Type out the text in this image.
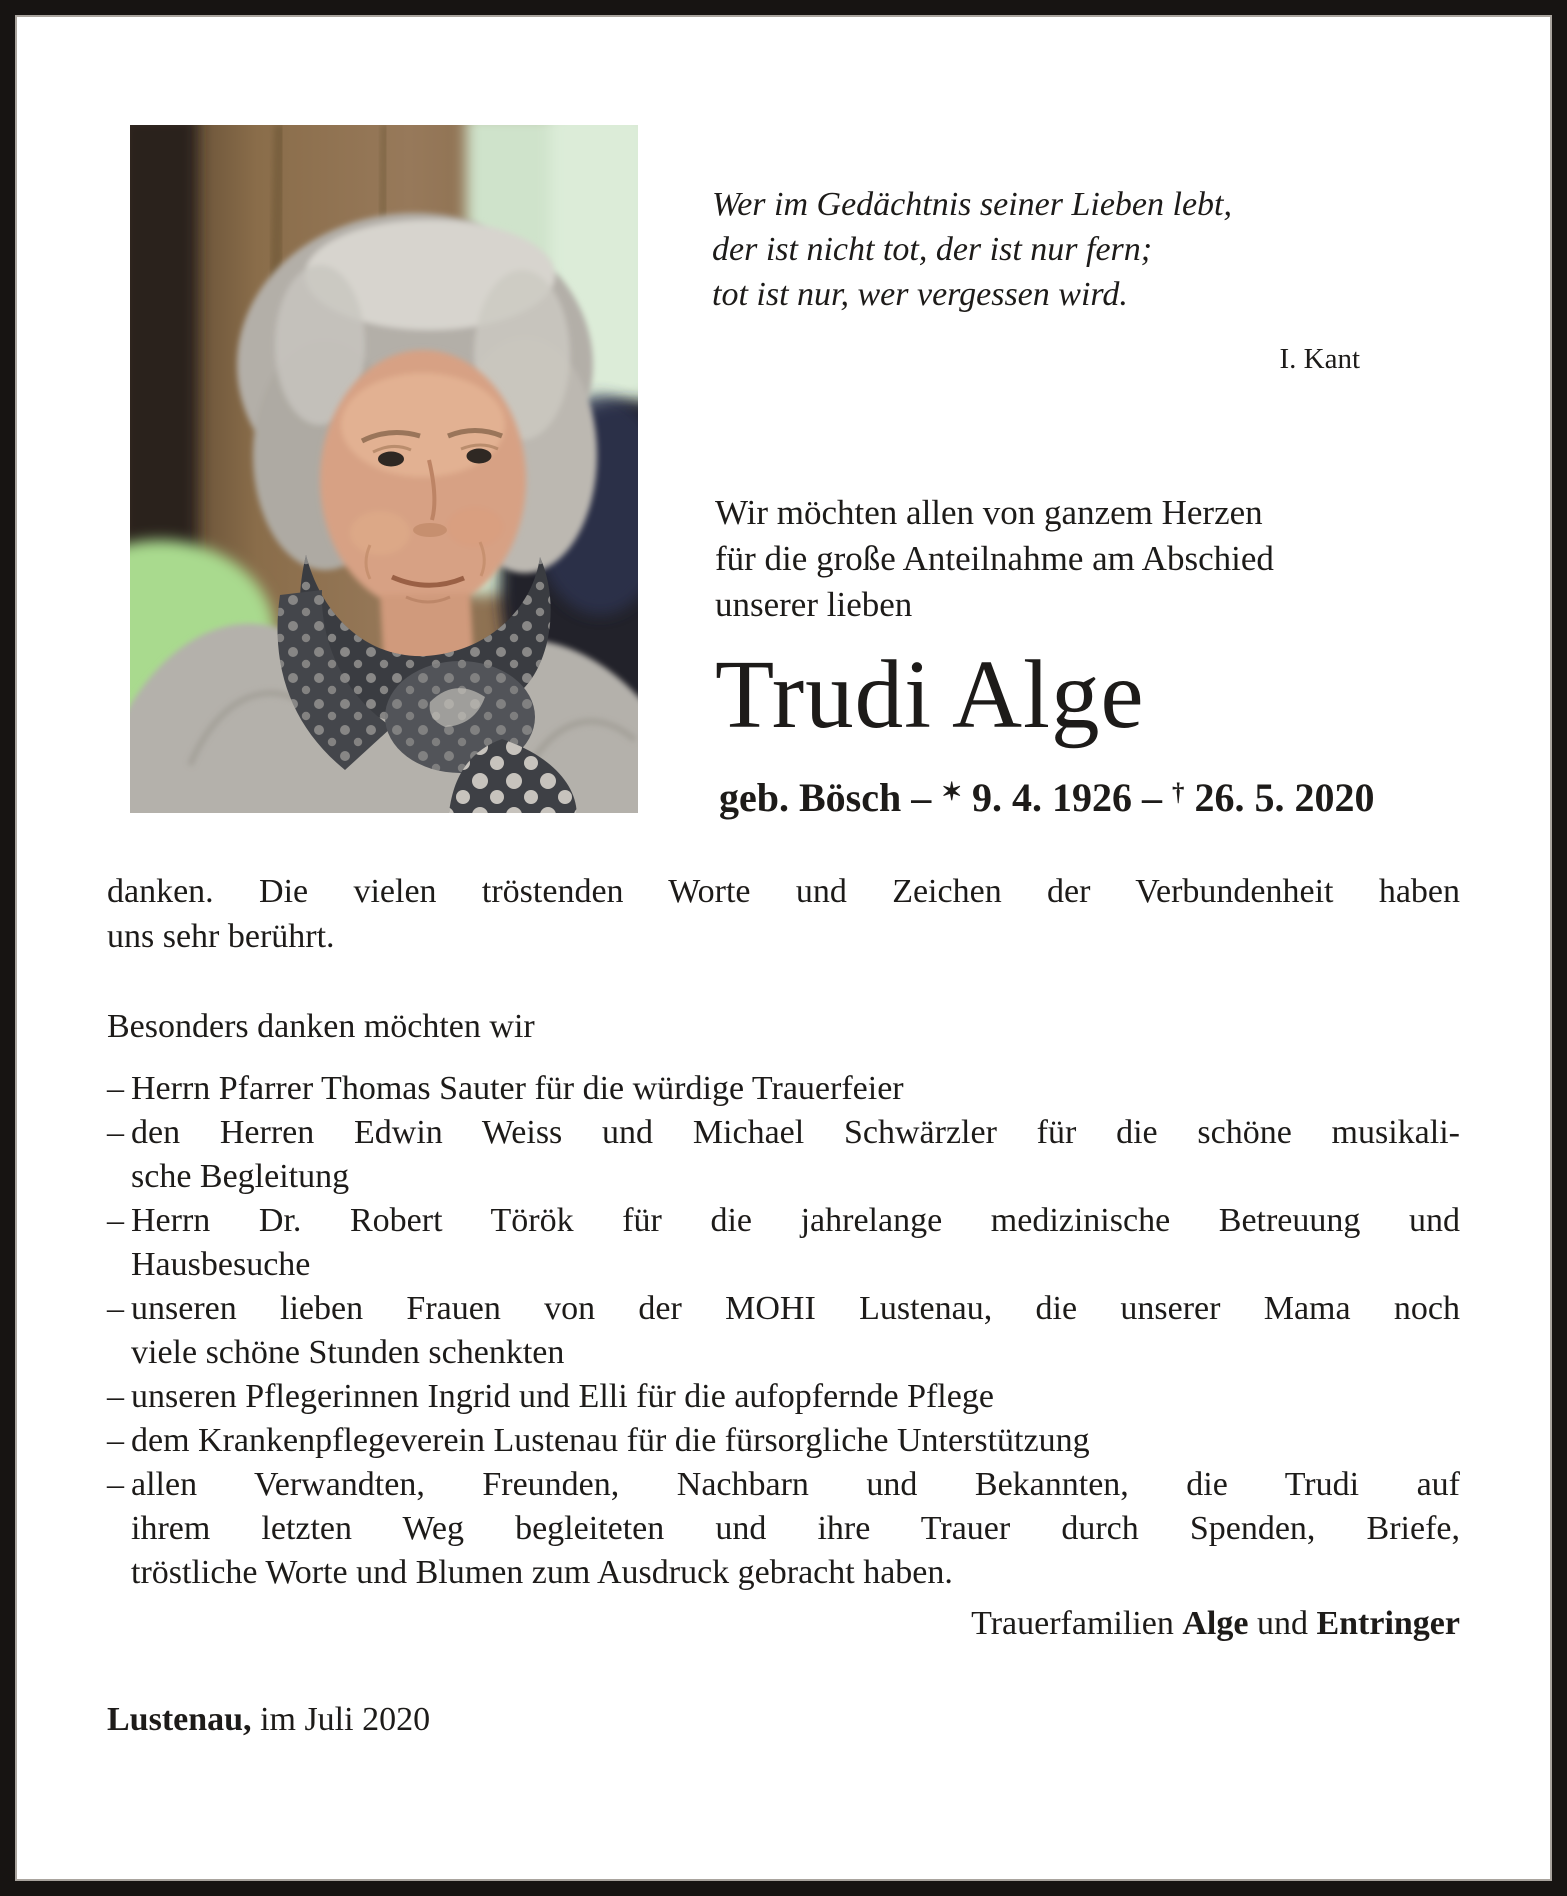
Wer im Gedächtnis seiner Lieben lebt,
der ist nicht tot, der ist nur fern;
tot ist nur, wer vergessen wird.
I. Kant
Wir möchten allen von ganzem Herzen
für die große Anteilnahme am Abschied
unserer lieben
Trudi Alge
geb. Bösch – ✶ 9. 4. 1926 – † 26. 5. 2020
danken. Die vielen tröstenden Worte und Zeichen der Verbundenheit haben
uns sehr berührt.
Besonders danken möchten wir
– Herrn Pfarrer Thomas Sauter für die würdige Trauerfeier
– den Herren Edwin Weiss und Michael Schwärzler für die schöne musikali-
sche Begleitung
– Herrn Dr. Robert Török für die jahrelange medizinische Betreuung und
Hausbesuche
– unseren lieben Frauen von der MOHI Lustenau, die unserer Mama noch
viele schöne Stunden schenkten
– unseren Pflegerinnen Ingrid und Elli für die aufopfernde Pflege
– dem Krankenpflegeverein Lustenau für die fürsorgliche Unterstützung
– allen Verwandten, Freunden, Nachbarn und Bekannten, die Trudi auf
ihrem letzten Weg begleiteten und ihre Trauer durch Spenden, Briefe,
tröstliche Worte und Blumen zum Ausdruck gebracht haben.
Trauerfamilien Alge und Entringer
Lustenau, im Juli 2020
